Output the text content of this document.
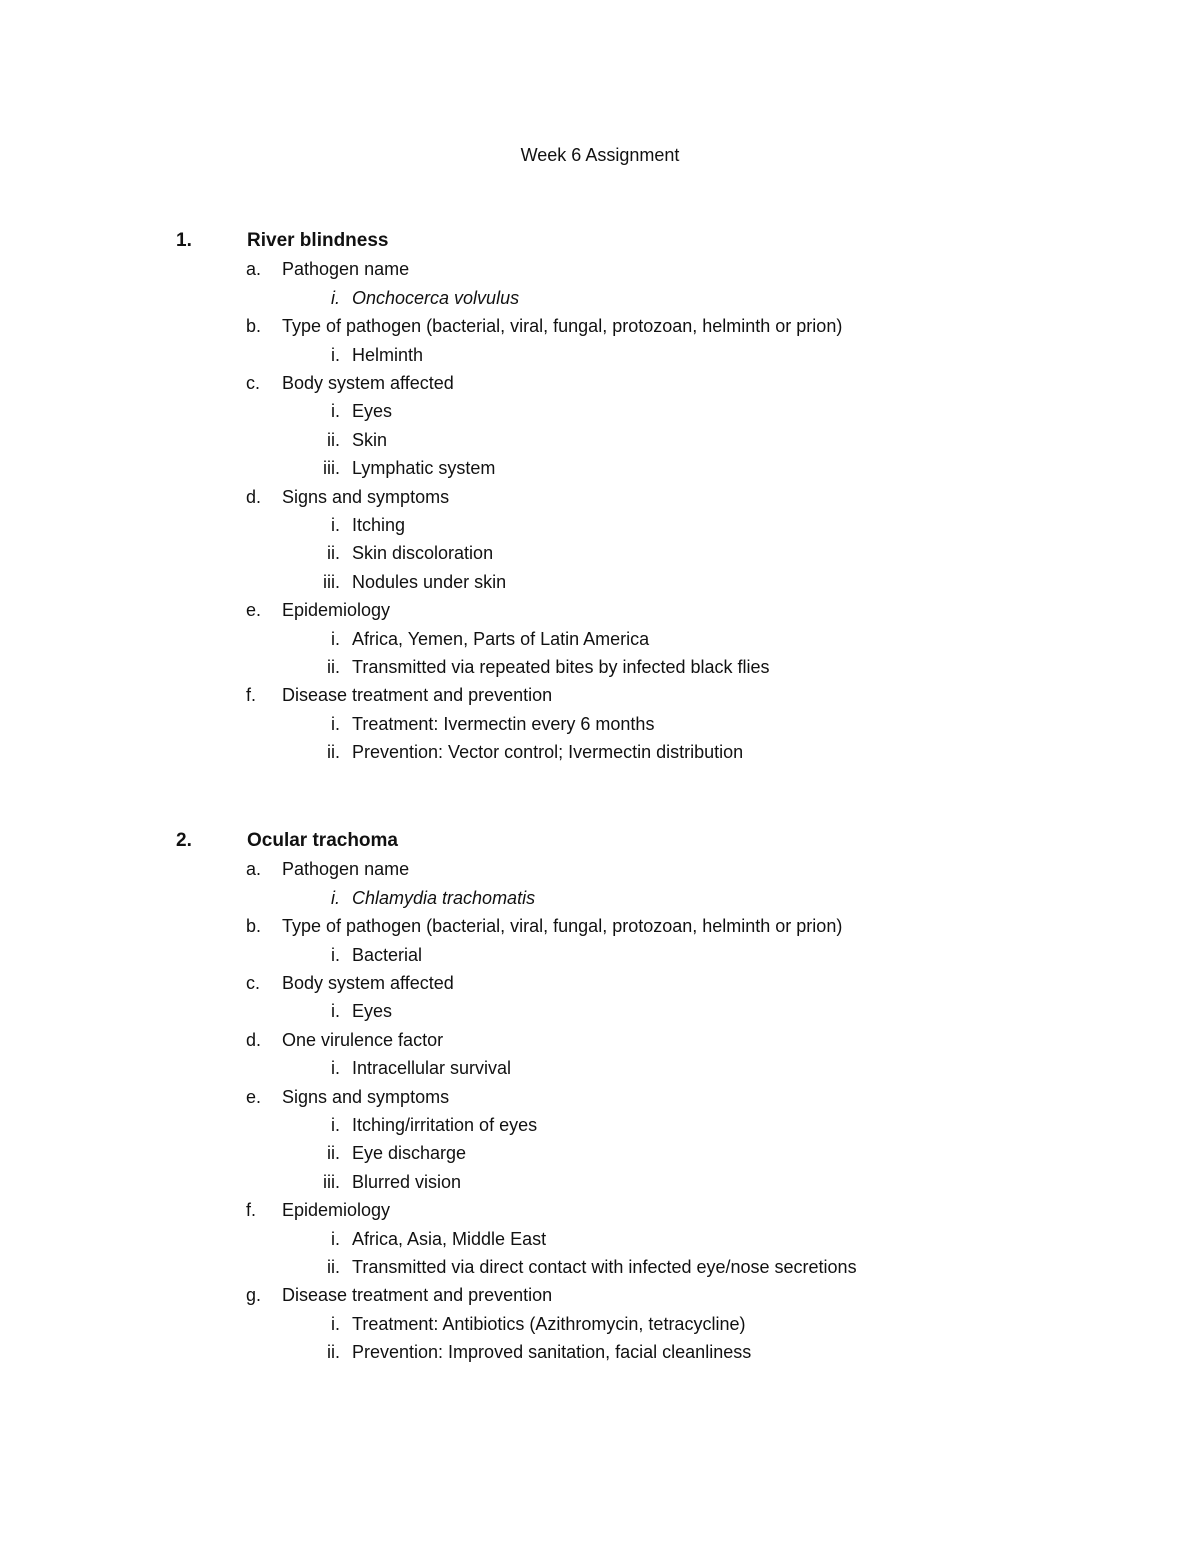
Week 6 Assignment
1.	River blindness
a. Pathogen name
i. Onchocerca volvulus
b. Type of pathogen (bacterial, viral, fungal, protozoan, helminth or prion)
i. Helminth
c.	Body system affected
i. Eyes
ii. Skin
iii. Lymphatic system
d. Signs and symptoms
i. Itching
ii. Skin discoloration
iii. Nodules under skin
e. Epidemiology
i. Africa, Yemen, Parts of Latin America
ii. Transmitted via repeated bites by infected black flies
f.	Disease treatment and prevention
i. Treatment: Ivermectin every 6 months
ii. Prevention: Vector control; Ivermectin distribution
2.	Ocular trachoma
a. Pathogen name
i. Chlamydia trachomatis
b. Type of pathogen (bacterial, viral, fungal, protozoan, helminth or prion)
i. Bacterial
c.	Body system affected
i. Eyes
d. One virulence factor
i. Intracellular survival
e. Signs and symptoms
i. Itching/irritation of eyes
ii. Eye discharge
iii. Blurred vision
f.	Epidemiology
i. Africa, Asia, Middle East
ii. Transmitted via direct contact with infected eye/nose secretions
g. Disease treatment and prevention
i. Treatment: Antibiotics (Azithromycin, tetracycline)
ii. Prevention: Improved sanitation, facial cleanliness
